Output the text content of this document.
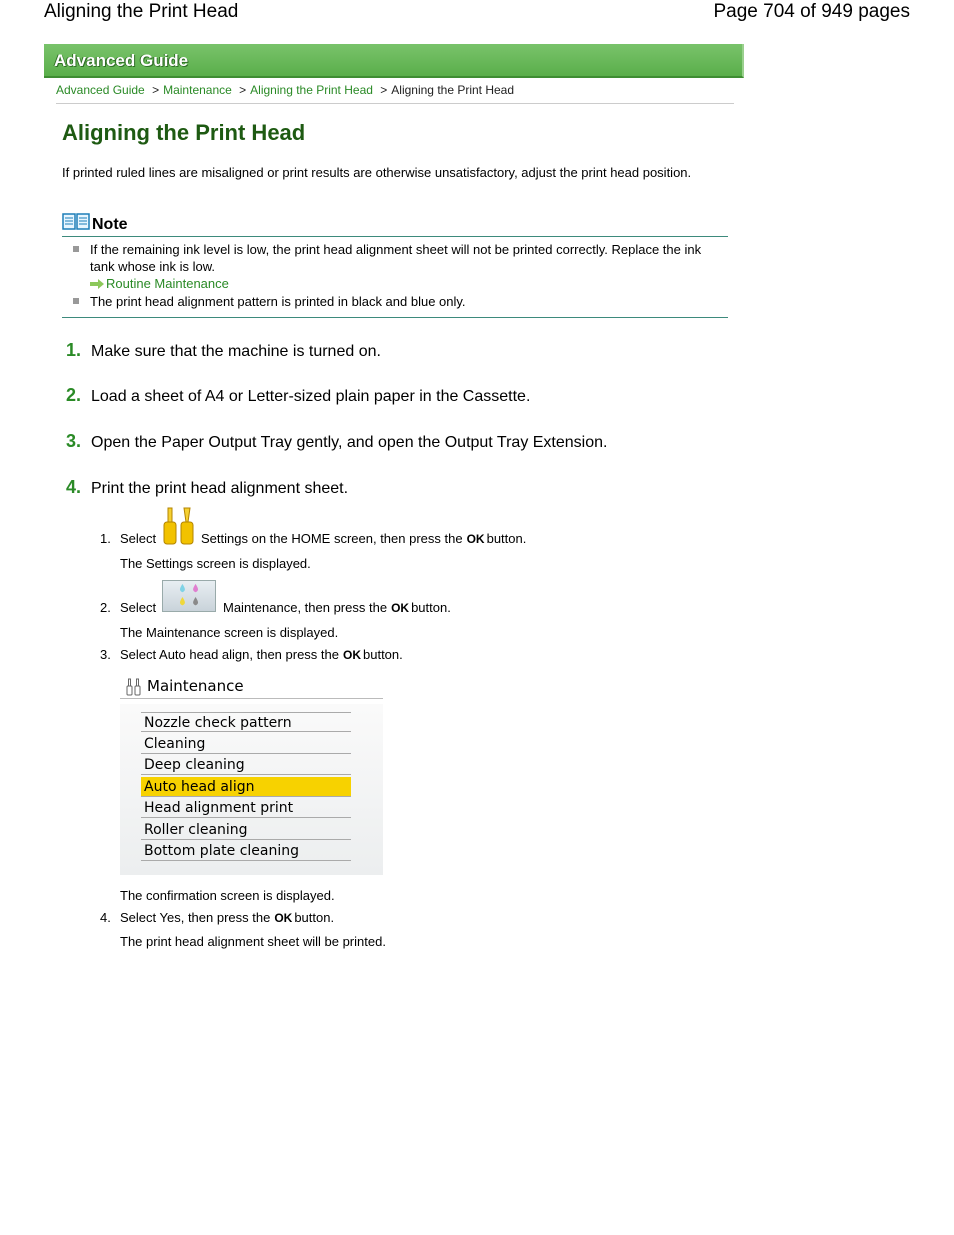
Aligning the Print Head	Page 704 of 949 pages
Advanced Guide
Advanced Guide > Maintenance > Aligning the Print Head > Aligning the Print Head
Aligning the Print Head

If printed ruled lines are misaligned or print results are otherwise unsatisfactory, adjust the print head position.

Note
If the remaining ink level is low, the print head alignment sheet will not be printed correctly. Replace the ink tank whose ink is low.
Routine Maintenance
The print head alignment pattern is printed in black and blue only.
1. Make sure that the machine is turned on.
2. Load a sheet of A4 or Letter-sized plain paper in the Cassette.
3. Open the Paper Output Tray gently, and open the Output Tray Extension.
4. Print the print head alignment sheet.
1. Select	Settings on the HOME screen, then press the OK button.
The Settings screen is displayed.
2. Select	Maintenance, then press the OK button.
The Maintenance screen is displayed.
3. Select Auto head align, then press the OK button.
Maintenance
Nozzle check pattern
Cleaning
Deep cleaning
Auto head align
Head alignment print
Roller cleaning
Bottom plate cleaning
The confirmation screen is displayed.
4. Select Yes, then press the OK button.
The print head alignment sheet will be printed.
